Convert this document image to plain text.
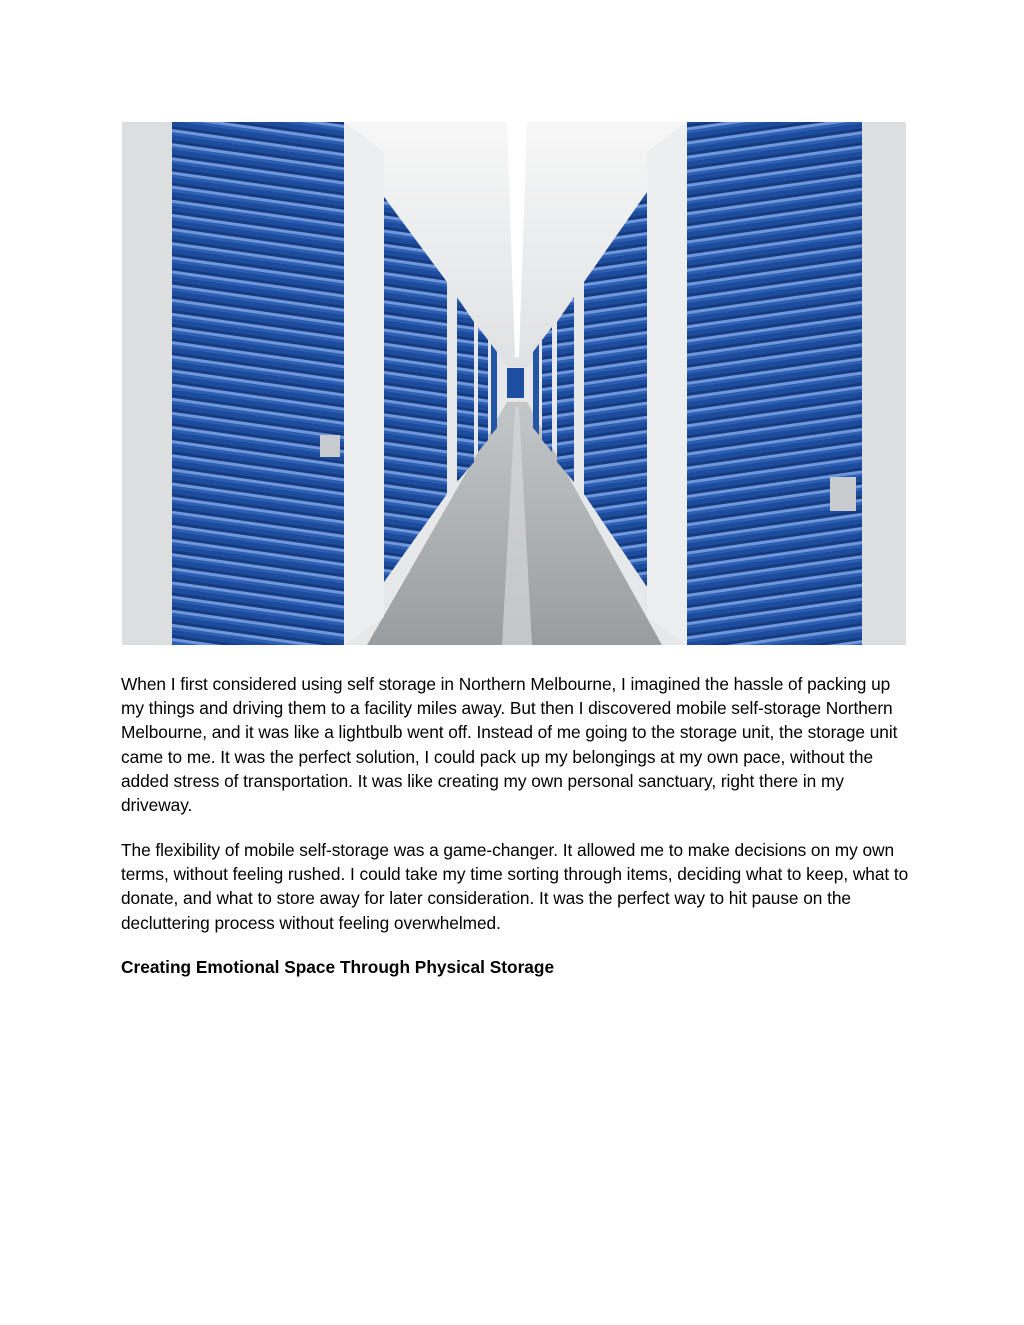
When I first considered using self storage in Northern Melbourne, I imagined the hassle of packing up my things and driving them to a facility miles away. But then I discovered mobile self-storage Northern Melbourne, and it was like a lightbulb went off. Instead of me going to the storage unit, the storage unit came to me. It was the perfect solution, I could pack up my belongings at my own pace, without the added stress of transportation. It was like creating my own personal sanctuary, right there in my driveway.

The flexibility of mobile self-storage was a game-changer. It allowed me to make decisions on my own terms, without feeling rushed. I could take my time sorting through items, deciding what to keep, what to donate, and what to store away for later consideration. It was the perfect way to hit pause on the decluttering process without feeling overwhelmed.

Creating Emotional Space Through Physical Storage
